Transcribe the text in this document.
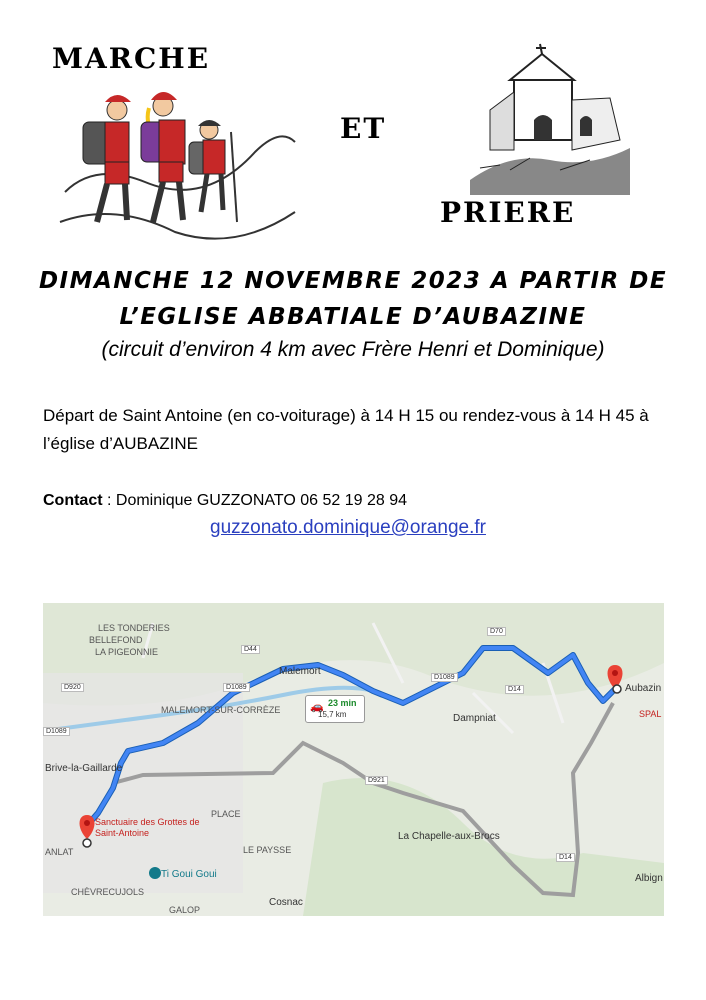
MARCHE
ET
PRIERE
DIMANCHE 12 NOVEMBRE 2023 A PARTIR DE
L’EGLISE ABBATIALE D’AUBAZINE
(circuit d’environ 4 km avec Frère Henri et Dominique)
Départ de Saint Antoine (en co-voiturage) à 14 H 15 ou rendez-vous à 14 H 45 à l’église d’AUBAZINE
Contact : Dominique GUZZONATO 06 52 19 28 94
guzzonato.dominique@orange.fr
LES TONDERIES
BELLEFOND
LA PIGEONNIE
Malemort
MALEMORT-SUR-CORRÈZE
Brive-la-Gaillarde
Dampniat
La Chapelle-aux-Brocs
Aubazin
SPAL
Albign
PLACE
LE PAYSSE
ANLAT
CHÈVRECUJOLS
GALOP
Cosnac
D44
D920	D1089
D1089
D1089
D70
D14
D14
D921
🚗 23 min
15,7 km
Sanctuaire des Grottes de Saint-Antoine
Ti Goui Goui
